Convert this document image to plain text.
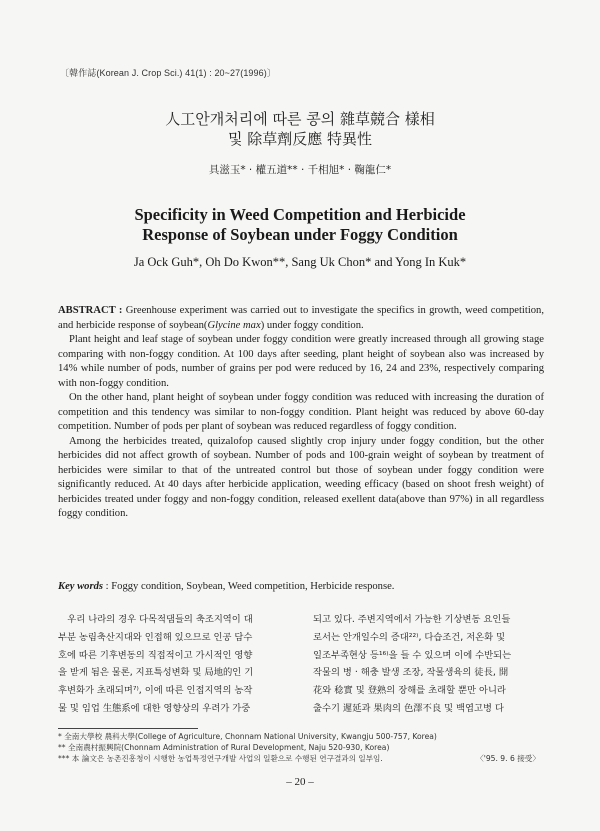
〔韓作誌(Korean J. Crop Sci.) 41(1) : 20~27(1996)〕
人工안개처리에 따른 콩의 雜草競合 樣相
및 除草劑反應 特異性
具滋玉* · 權五道** · 千相旭* · 鞠龍仁*
Specificity in Weed Competition and Herbicide
Response of Soybean under Foggy Condition
Ja Ock Guh*, Oh Do Kwon**, Sang Uk Chon* and Yong In Kuk*

ABSTRACT : Greenhouse experiment was carried out to investigate the specifics in growth, weed competition, and herbicide response of soybean(Glycine max) under foggy condition.

Plant height and leaf stage of soybean under foggy condition were greatly increased through all growing stage comparing with non-foggy condition. At 100 days after seeding, plant height of soybean also was increased by 14% while number of pods, number of grains per pod were reduced by 16, 24 and 23%, respectively comparing with non-foggy condition.

On the other hand, plant height of soybean under foggy condition was reduced with increasing the duration of competition and this tendency was similar to non-foggy condition. Plant height was reduced by above 60-day competition. Number of pods per plant of soybean was reduced regardless of foggy condition.

Among the herbicides treated, quizalofop caused slightly crop injury under foggy condition, but the other herbicides did not affect growth of soybean. Number of pods and 100-grain weight of soybean by treatment of herbicides were similar to that of the untreated control but those of soybean under foggy condition were significantly reduced. At 40 days after herbicide application, weeding efficacy (based on shoot fresh weight) of herbicides treated under foggy and non-foggy condition, released exellent data(above than 97%) in all regardless foggy condition.

Key words : Foggy condition, Soybean, Weed competition, Herbicide response.
　우리 나라의 경우 다목적댐들의 축조지역이 대
부분 농림축산지대와 인접해 있으므로 인공 담수
호에 따른 기후변동의 직접적이고 가시적인 영향
을 받게 됨은 물론, 지표특성변화 및 局地的인 기
후변화가 초래되며⁷⁾, 이에 따른 인접지역의 농작
물 및 임업 生態系에 대한 영향상의 우려가 가중
되고 있다. 주변지역에서 가능한 기상변동 요인들
로서는 안개일수의 증대²²⁾, 다습조건, 저온화 및
일조부족현상 등¹⁶⁾을 들 수 있으며 이에 수반되는
작물의 병 · 해충 발생 조장, 작물생육의 徒長, 開
花와 稔實 및 登熟의 장해를 초래할 뿐만 아니라
출수기 遲延과 果肉의 色澤不良 및 백엽고병 다
* 全南大學校 農科大學(College of Agriculture, Chonnam National University, Kwangju 500-757, Korea)
** 全南農村振興院(Chonnam Administration of Rural Development, Naju 520-930, Korea)
*** 本 論文은 농촌진흥청이 시행한 농업특정연구개발 사업의 일환으로 수행된 연구결과의 일부임.	〈'95. 9. 6 接受〉
– 20 –
